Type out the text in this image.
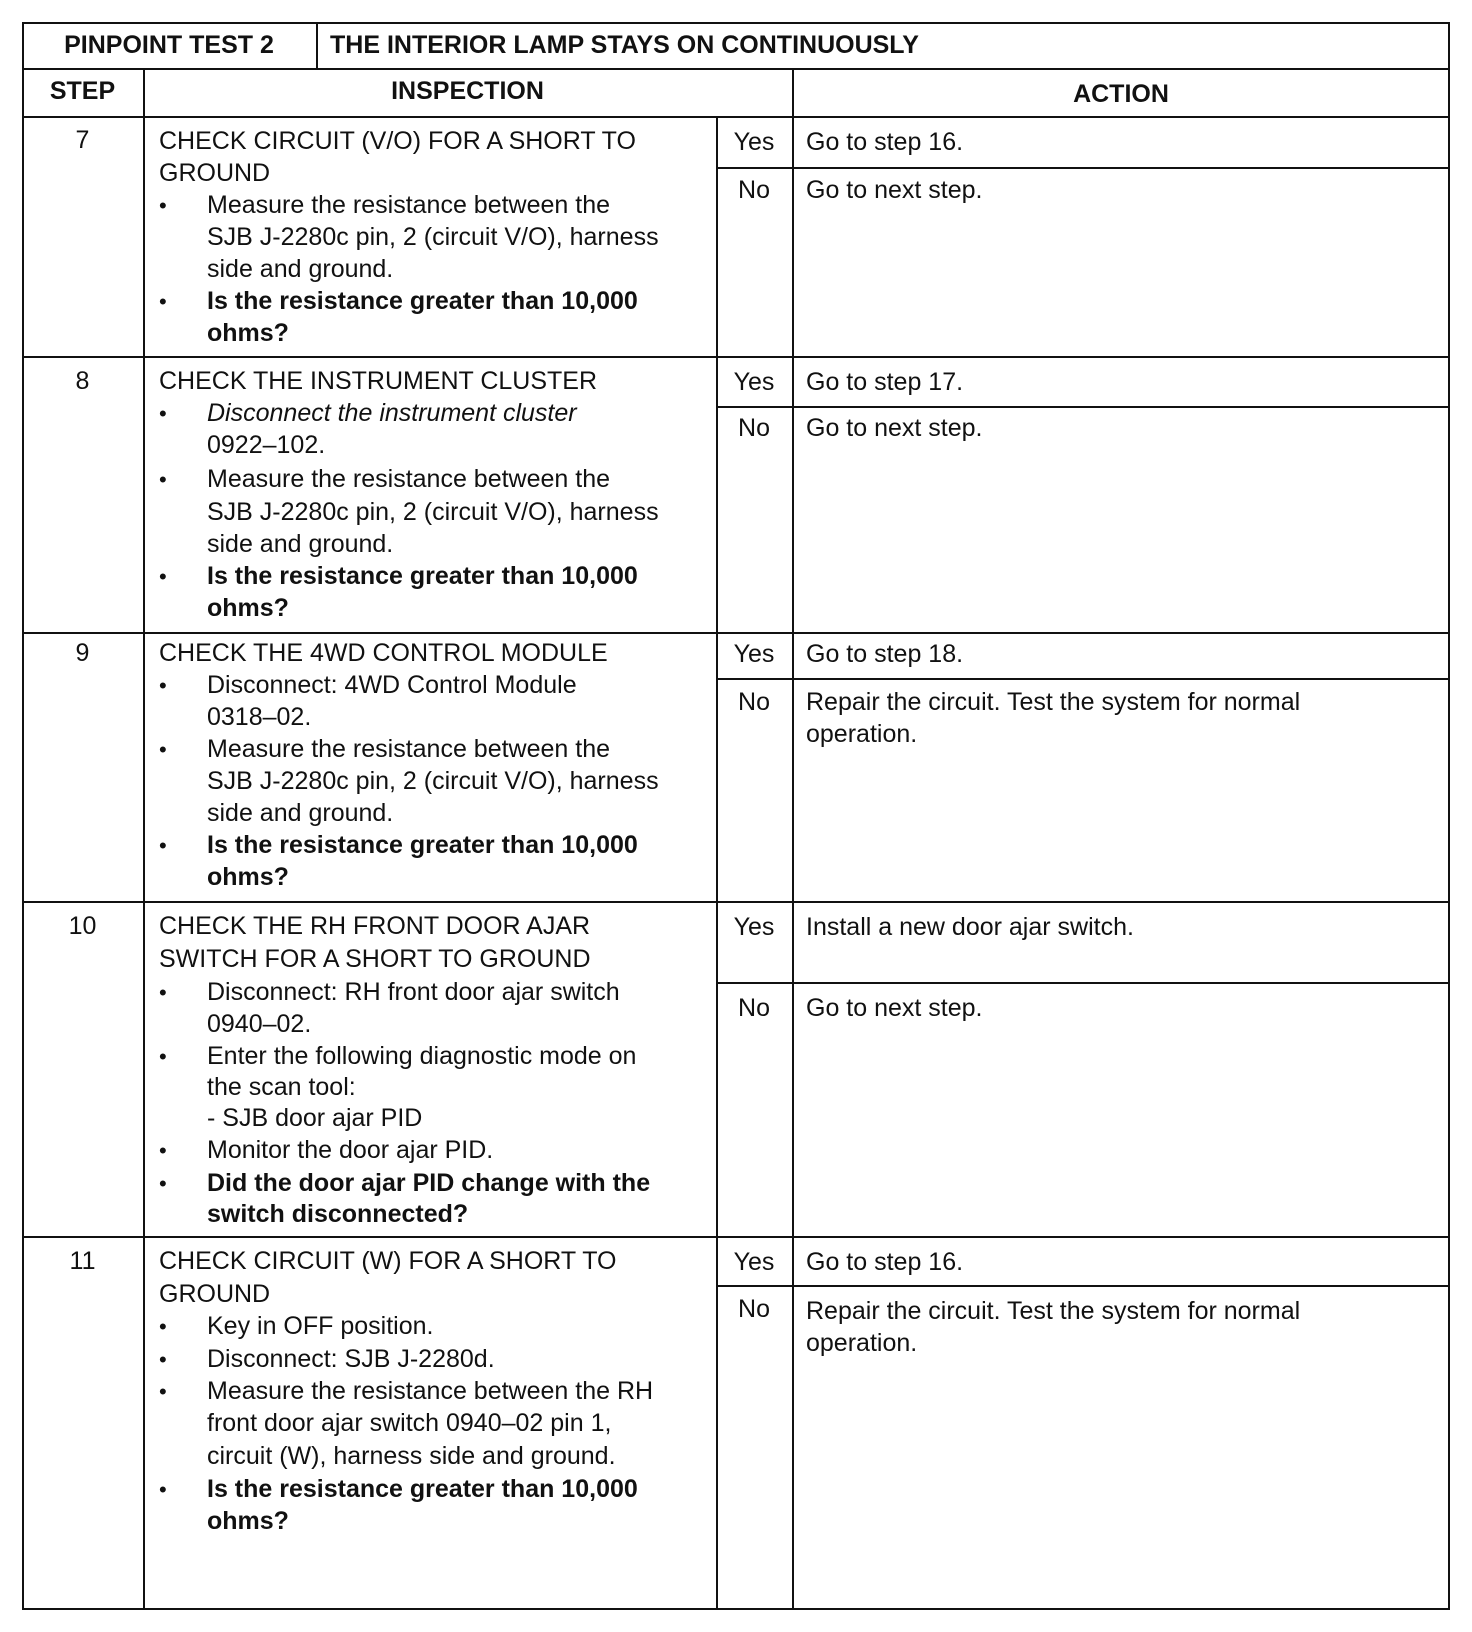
PINPOINT TEST 2	THE INTERIOR LAMP STAYS ON CONTINUOUSLY
STEP	INSPECTION	ACTION
7	CHECK CIRCUIT (V/O) FOR A SHORT TO
GROUND
• Measure the resistance between the
SJB J-2280c pin, 2 (circuit V/O), harness
side and ground.
• Is the resistance greater than 10,000
ohms?
Yes	Go to step 16.
No	Go to next step.
8	CHECK THE INSTRUMENT CLUSTER
• Disconnect the instrument cluster
0922–102.
• Measure the resistance between the
SJB J-2280c pin, 2 (circuit V/O), harness
side and ground.
• Is the resistance greater than 10,000
ohms?
Yes	Go to step 17.
No	Go to next step.
9	CHECK THE 4WD CONTROL MODULE
• Disconnect: 4WD Control Module
0318–02.
• Measure the resistance between the
SJB J-2280c pin, 2 (circuit V/O), harness
side and ground.
• Is the resistance greater than 10,000
ohms?
Yes	Go to step 18.
No	Repair the circuit. Test the system for normal
operation.
10	CHECK THE RH FRONT DOOR AJAR
SWITCH FOR A SHORT TO GROUND
• Disconnect: RH front door ajar switch
0940–02.
• Enter the following diagnostic mode on
the scan tool:
- SJB door ajar PID
• Monitor the door ajar PID.
• Did the door ajar PID change with the
switch disconnected?
Yes	Install a new door ajar switch.
No	Go to next step.
11	CHECK CIRCUIT (W) FOR A SHORT TO
GROUND
• Key in OFF position.
• Disconnect: SJB J-2280d.
• Measure the resistance between the RH
front door ajar switch 0940–02 pin 1,
circuit (W), harness side and ground.
• Is the resistance greater than 10,000
ohms?
Yes	Go to step 16.
No	Repair the circuit. Test the system for normal
operation.
